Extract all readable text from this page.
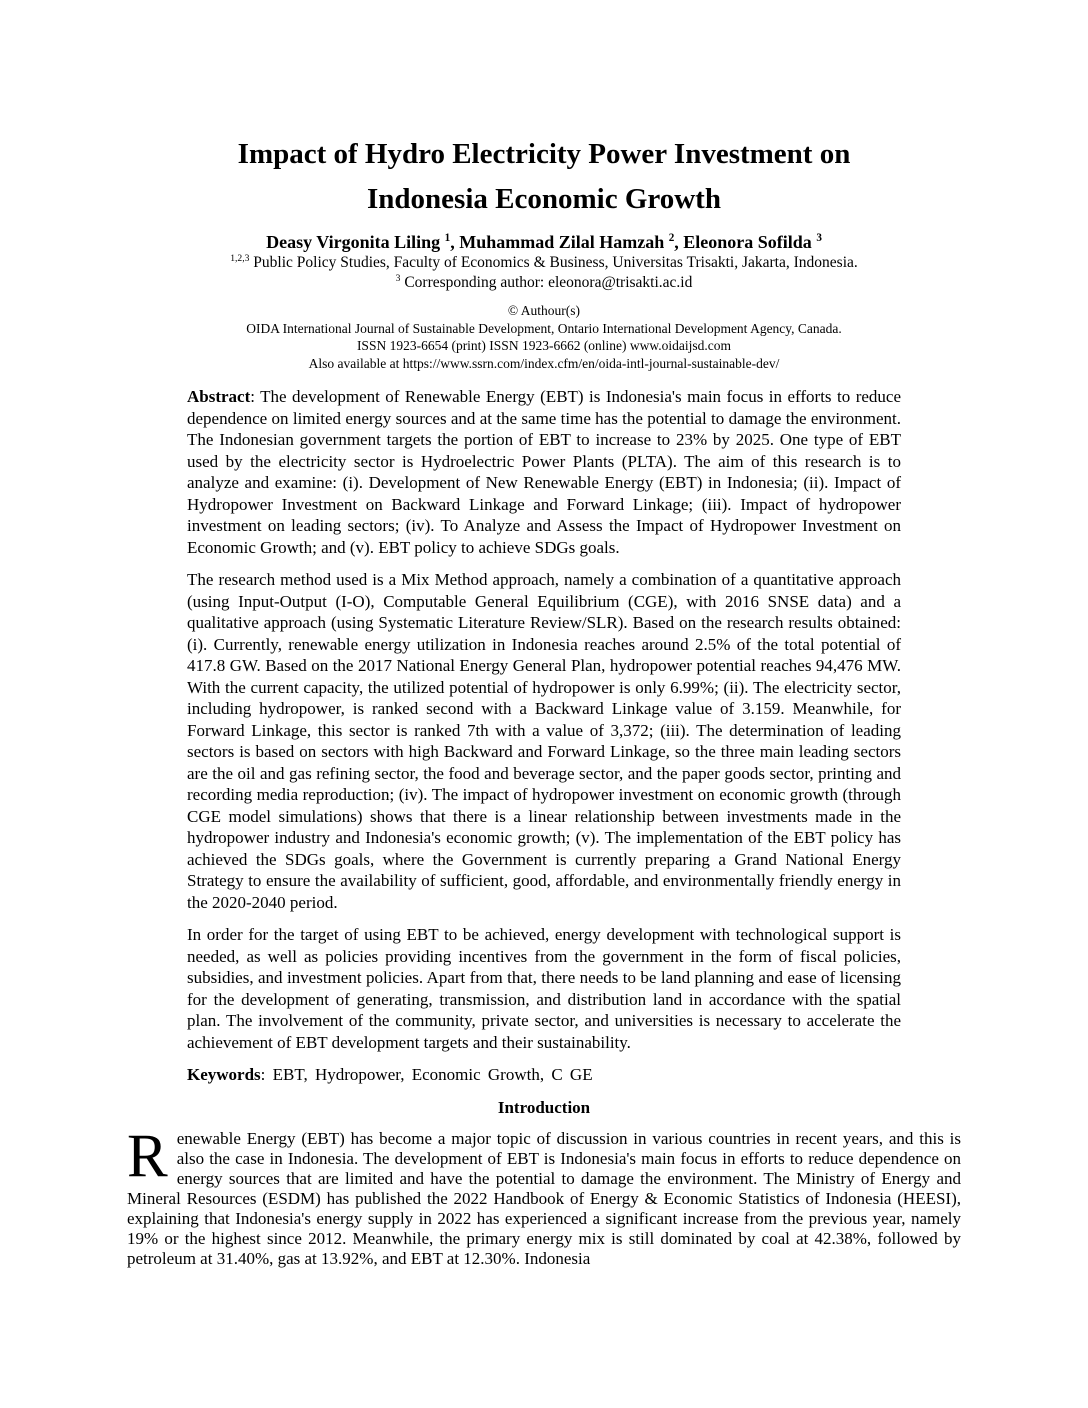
Impact of Hydro Electricity Power Investment on
Indonesia Economic Growth
Deasy Virgonita Liling $^1$, Muhammad Zilal Hamzah $^2$, Eleonora Sofilda $^3$
$^{1,2,3}$ Public Policy Studies, Faculty of Economics & Business, Universitas Trisakti, Jakarta, Indonesia.
$^3$ Corresponding author: eleonora@trisakti.ac.id
© Authour(s)
OIDA International Journal of Sustainable Development, Ontario International Development Agency, Canada.
ISSN 1923-6654 (print) ISSN 1923-6662 (online) www.oidaijsd.com
Also available at https://www.ssrn.com/index.cfm/en/oida-intl-journal-sustainable-dev/

Abstract: The development of Renewable Energy (EBT) is Indonesia's main focus in efforts to reduce dependence on limited energy sources and at the same time has the potential to damage the environment. The Indonesian government targets the portion of EBT to increase to 23% by 2025. One type of EBT used by the electricity sector is Hydroelectric Power Plants (PLTA). The aim of this research is to analyze and examine: (i). Development of New Renewable Energy (EBT) in Indonesia; (ii). Impact of Hydropower Investment on Backward Linkage and Forward Linkage; (iii). Impact of hydropower investment on leading sectors; (iv). To Analyze and Assess the Impact of Hydropower Investment on Economic Growth; and (v). EBT policy to achieve SDGs goals.

The research method used is a Mix Method approach, namely a combination of a quantitative approach (using Input-Output (I-O), Computable General Equilibrium (CGE), with 2016 SNSE data) and a qualitative approach (using Systematic Literature Review/SLR). Based on the research results obtained: (i). Currently, renewable energy utilization in Indonesia reaches around 2.5% of the total potential of 417.8 GW. Based on the 2017 National Energy General Plan, hydropower potential reaches 94,476 MW. With the current capacity, the utilized potential of hydropower is only 6.99%; (ii). The electricity sector, including hydropower, is ranked second with a Backward Linkage value of 3.159. Meanwhile, for Forward Linkage, this sector is ranked 7th with a value of 3,372; (iii). The determination of leading sectors is based on sectors with high Backward and Forward Linkage, so the three main leading sectors are the oil and gas refining sector, the food and beverage sector, and the paper goods sector, printing and recording media reproduction; (iv). The impact of hydropower investment on economic growth (through CGE model simulations) shows that there is a linear relationship between investments made in the hydropower industry and Indonesia's economic growth; (v). The implementation of the EBT policy has achieved the SDGs goals, where the Government is currently preparing a Grand National Energy Strategy to ensure the availability of sufficient, good, affordable, and environmentally friendly energy in the 2020-2040 period.

In order for the target of using EBT to be achieved, energy development with technological support is needed, as well as policies providing incentives from the government in the form of fiscal policies, subsidies, and investment policies. Apart from that, there needs to be land planning and ease of licensing for the development of generating, transmission, and distribution land in accordance with the spatial plan. The involvement of the community, private sector, and universities is necessary to accelerate the achievement of EBT development targets and their sustainability.

Keywords: EBT, Hydropower, Economic Growth, C GE

Introduction
Renewable Energy (EBT) has become a major topic of discussion in various countries in recent years, and this is also the case in Indonesia. The development of EBT is Indonesia's main focus in efforts to reduce dependence on energy sources that are limited and have the potential to damage the environment. The Ministry of Energy and Mineral Resources (ESDM) has published the 2022 Handbook of Energy & Economic Statistics of Indonesia (HEESI), explaining that Indonesia's energy supply in 2022 has experienced a significant increase from the previous year, namely 19% or the highest since 2012. Meanwhile, the primary energy mix is still dominated by coal at 42.38%, followed by petroleum at 31.40%, gas at 13.92%, and EBT at 12.30%. Indonesia
